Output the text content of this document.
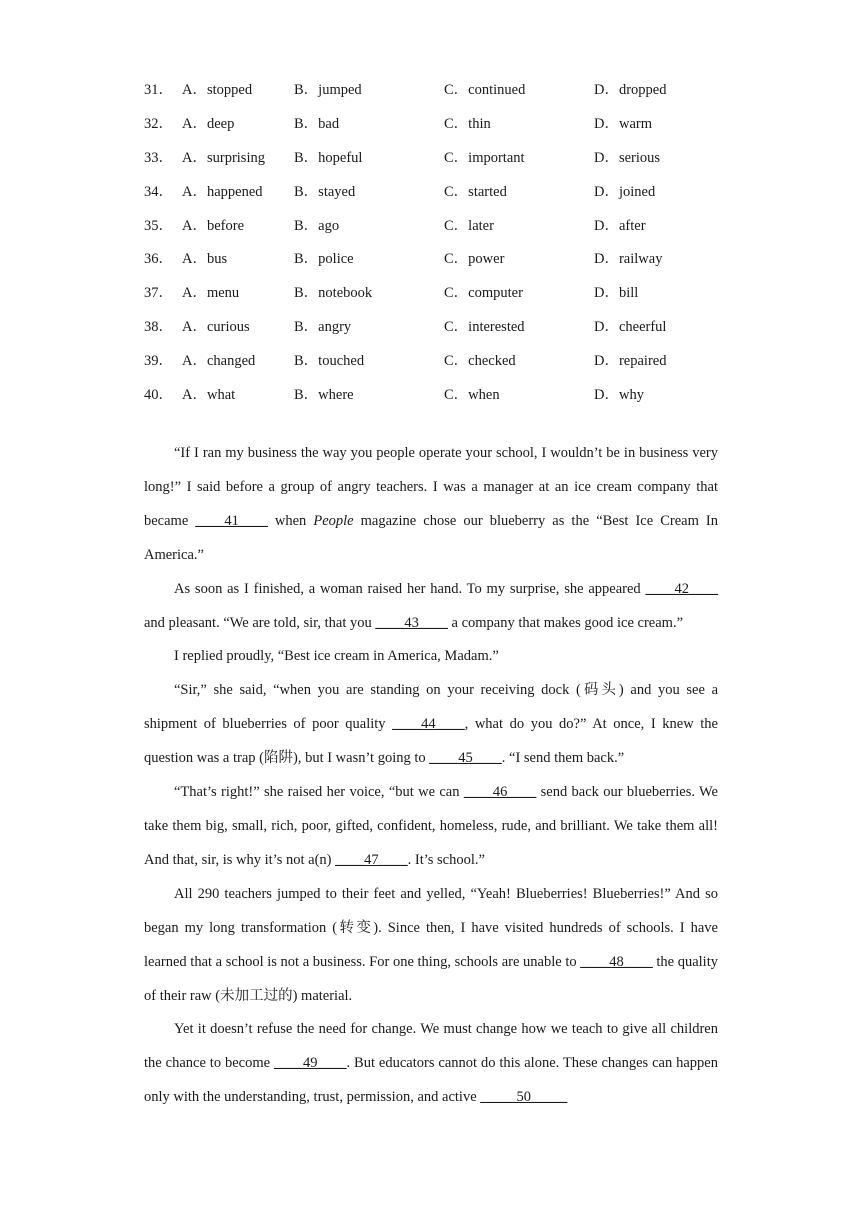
31． A．stopped	B．jumped	C．continued	D．dropped
32． A．deep	B．bad	C．thin	D．warm
33． A．surprising	B．hopeful	C．important	D．serious
34． A．happened	B．stayed	C．started	D．joined
35． A．before	B．ago	C．later	D．after
36． A．bus	B．police	C．power	D．railway
37． A．menu	B．notebook	C．computer	D．bill
38． A．curious	B．angry	C．interested	D．cheerful
39． A．changed	B．touched	C．checked	D．repaired
40． A．what	B．where	C．when	D．why

“If I ran my business the way you people operate your school, I wouldn’t be in business very long!” I said before a group of angry teachers. I was a manager at an ice cream company that became ____41____ when People magazine chose our blueberry as the “Best Ice Cream In America.”

As soon as I finished, a woman raised her hand. To my surprise, she appeared ____42____ and pleasant. “We are told, sir, that you ____43____ a company that makes good ice cream.”

I replied proudly, “Best ice cream in America, Madam.”

“Sir,” she said, “when you are standing on your receiving dock (码头) and you see a shipment of blueberries of poor quality ____44____, what do you do?” At once, I knew the question was a trap (陷阱), but I wasn’t going to ____45____. “I send them back.”

“That’s right!” she raised her voice, “but we can ____46____ send back our blueberries. We take them big, small, rich, poor, gifted, confident, homeless, rude, and brilliant. We take them all! And that, sir, is why it’s not a(n) ____47____. It’s school.”

All 290 teachers jumped to their feet and yelled, “Yeah! Blueberries! Blueberries!” And so began my long transformation (转变). Since then, I have visited hundreds of schools. I have learned that a school is not a business. For one thing, schools are unable to ____48____ the quality of their raw (未加工过的) material.

Yet it doesn’t refuse the need for change. We must change how we teach to give all children the chance to become ____49____. But educators cannot do this alone. These changes can happen only with the understanding, trust, permission, and active _____50_____
